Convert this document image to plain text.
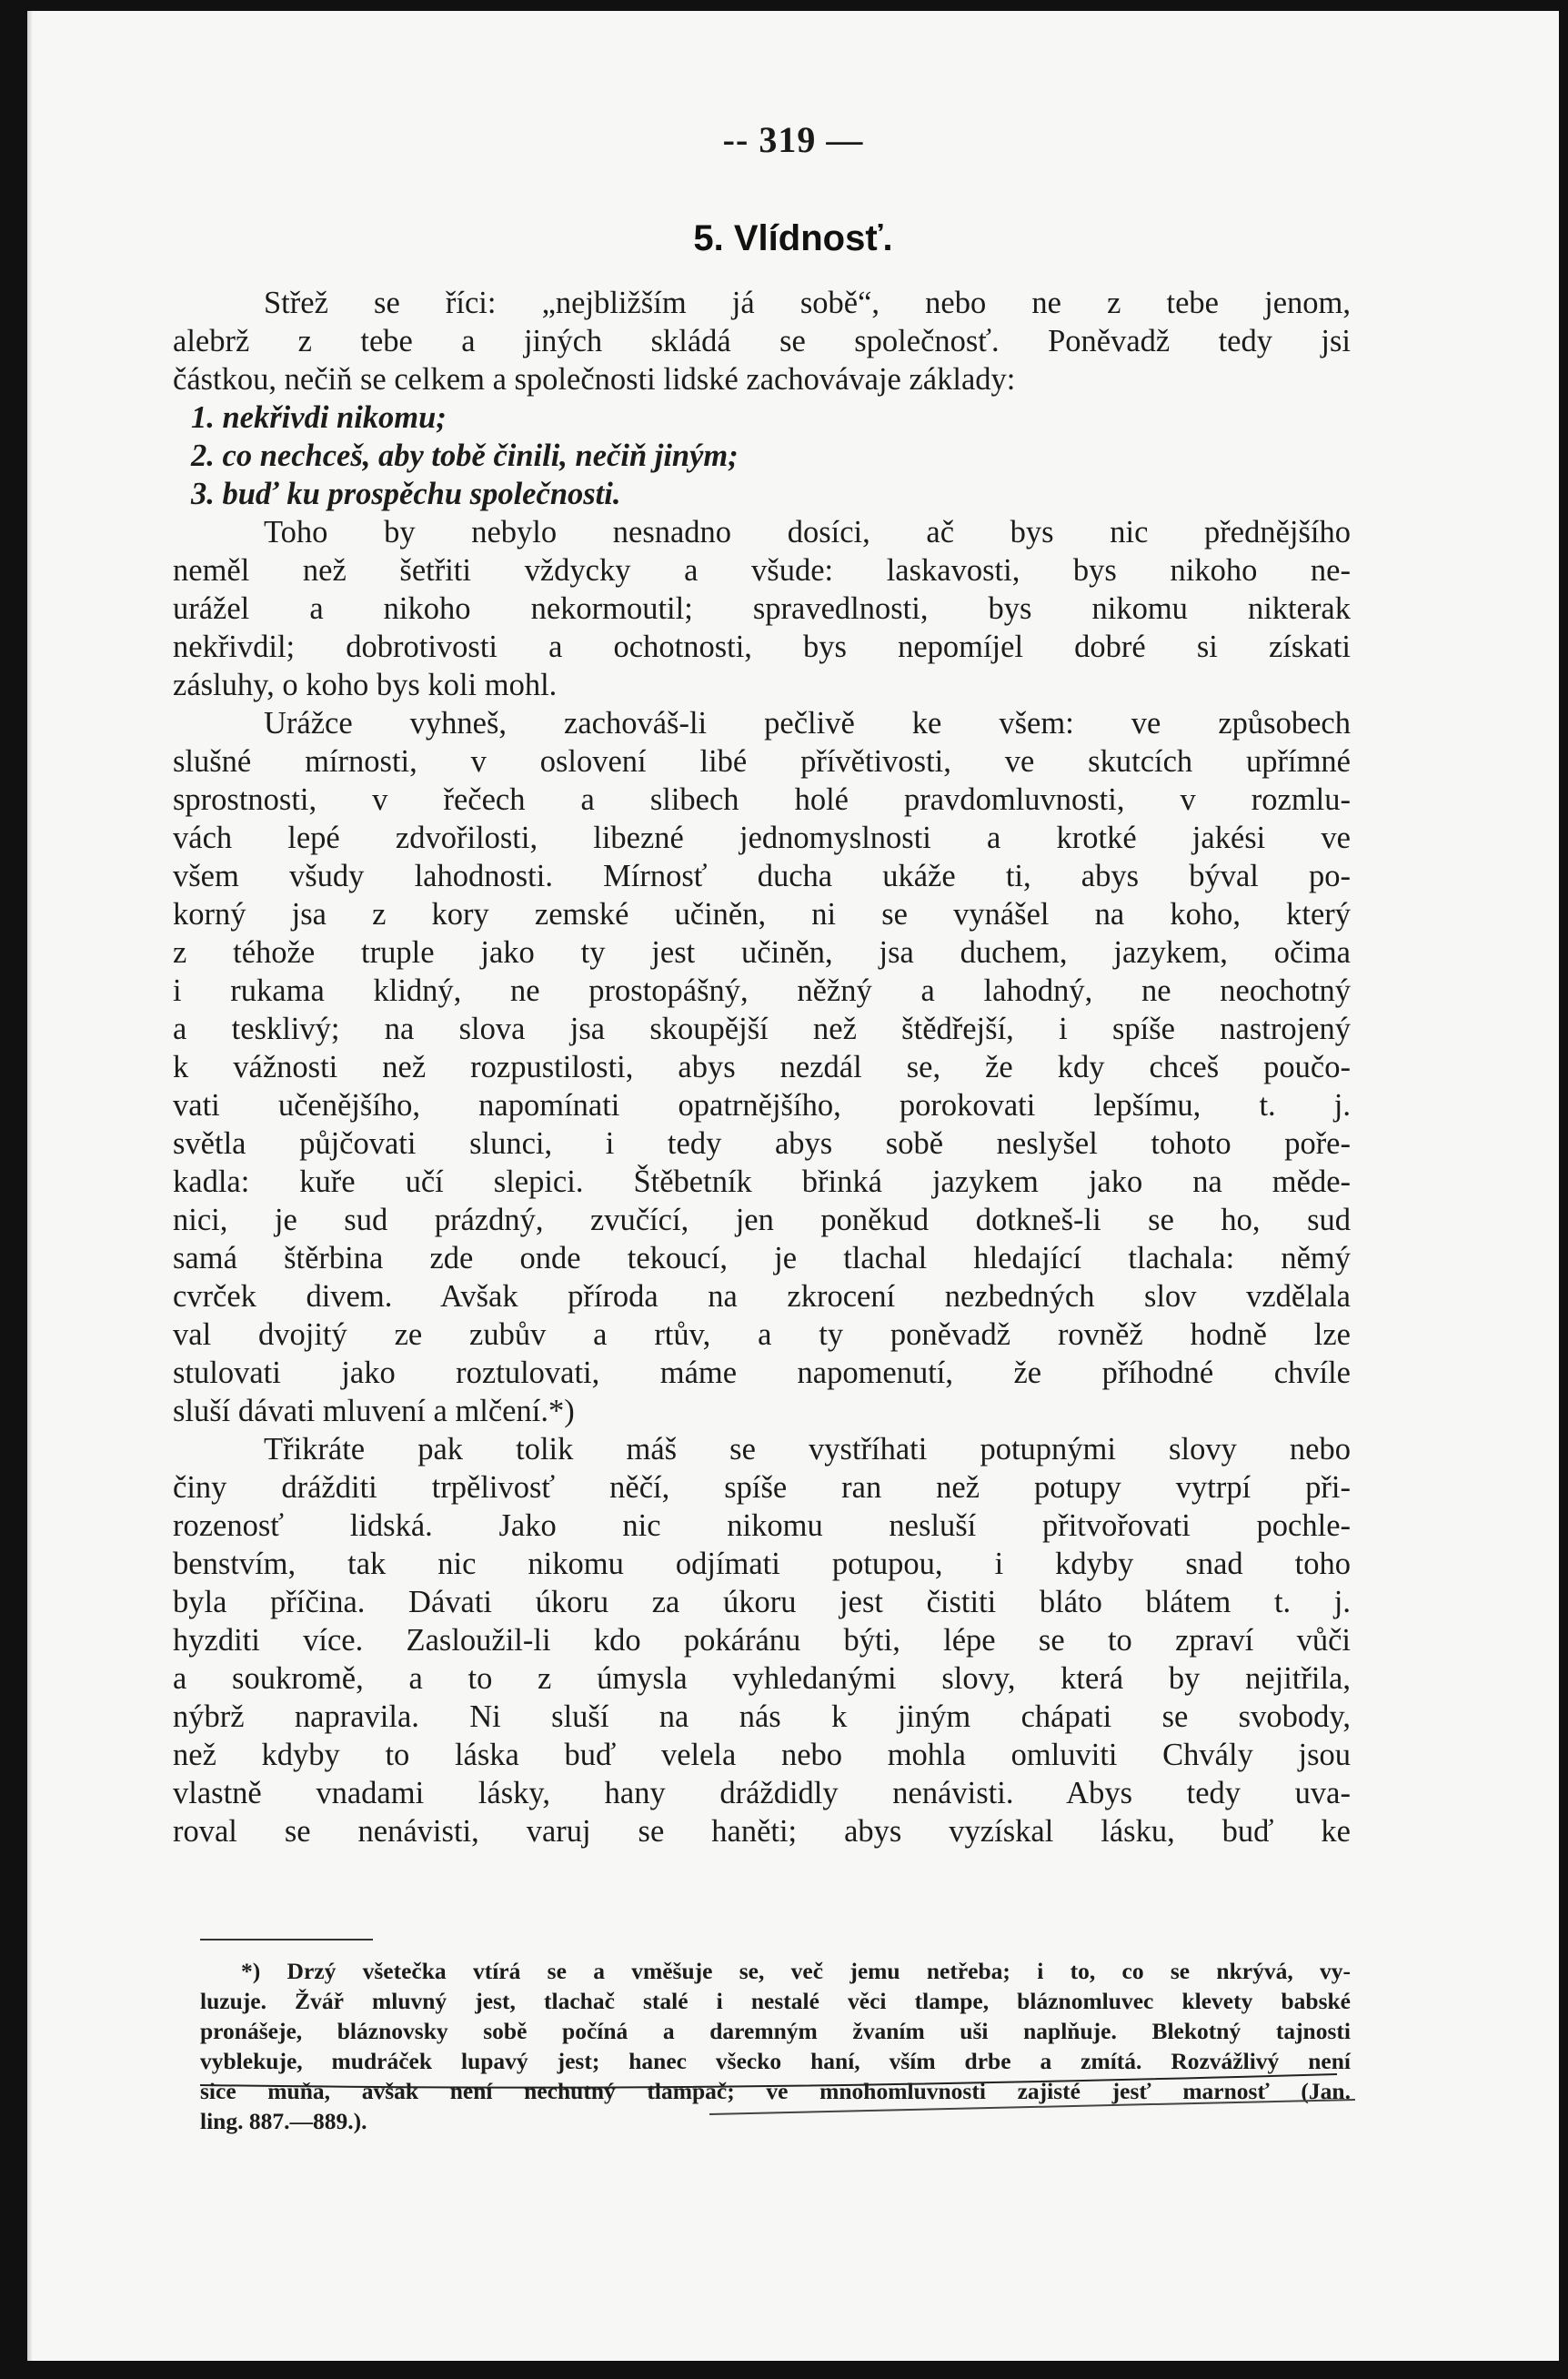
-- 319 —
5. Vlídnosť.
Střež se říci: „nejbližším já sobě“, nebo ne z tebe jenom,
alebrž z tebe a jiných skládá se společnosť. Poněvadž tedy jsi
částkou, nečiň se celkem a společnosti lidské zachovávaje základy:
1. nekřivdi nikomu;
2. co nechceš, aby tobě činili, nečiň jiným;
3. buď ku prospěchu společnosti.
Toho by nebylo nesnadno dosíci, ač bys nic přednějšího
neměl než šetřiti vždycky a všude: laskavosti, bys nikoho ne-
urážel a nikoho nekormoutil; spravedlnosti, bys nikomu nikterak
nekřivdil; dobrotivosti a ochotnosti, bys nepomíjel dobré si získati
zásluhy, o koho bys koli mohl.
Urážce vyhneš, zachováš-li pečlivě ke všem: ve způsobech
slušné mírnosti, v oslovení libé přívětivosti, ve skutcích upřímné
sprostnosti, v řečech a slibech holé pravdomluvnosti, v rozmlu-
vách lepé zdvořilosti, libezné jednomyslnosti a krotké jakési ve
všem všudy lahodnosti. Mírnosť ducha ukáže ti, abys býval po-
korný jsa z kory zemské učiněn, ni se vynášel na koho, který
z téhože truple jako ty jest učiněn, jsa duchem, jazykem, očima
i rukama klidný, ne prostopášný, něžný a lahodný, ne neochotný
a tesklivý; na slova jsa skoupější než štědřejší, i spíše nastrojený
k vážnosti než rozpustilosti, abys nezdál se, že kdy chceš poučo-
vati učenějšího, napomínati opatrnějšího, porokovati lepšímu, t. j.
světla půjčovati slunci, i tedy abys sobě neslyšel tohoto pořе-
kadla: kuře učí slepici. Štěbetník břinká jazykem jako na měde-
nici, je sud prázdný, zvučící, jen poněkud dotkneš-li se ho, sud
samá štěrbina zde onde tekoucí, je tlachal hledající tlachala: němý
cvrček divem. Avšak příroda na zkrocení nezbedných slov vzdělala
val dvojitý ze zubův a rtův, a ty poněvadž rovněž hodně lze
stulovati jako roztulovati, máme napomenutí, že příhodné chvíle
sluší dávati mluvení a mlčení.*)
Třikráte pak tolik máš se vystříhati potupnými slovy nebo
činy drážditi trpělivosť něčí, spíše ran než potupy vytrpí při-
rozenosť lidská. Jako nic nikomu nesluší přitvořovati pochle-
benstvím, tak nic nikomu odjímati potupou, i kdyby snad toho
byla příčina. Dávati úkoru za úkoru jest čistiti bláto blátem t. j.
hyzditi více. Zasloužil-li kdo pokáránu býti, lépe se to zpraví vůči
a soukromě, a to z úmysla vyhledanými slovy, která by nejitřila,
nýbrž napravila. Ni sluší na nás k jiným chápati se svobody,
než kdyby to láska buď velela nebo mohla omluviti Chvály jsou
vlastně vnadami lásky, hany dráždidly nenávisti. Abys tedy uva-
roval se nenávisti, varuj se haněti; abys vyzískal lásku, buď ke
*) Drzý všetečka vtírá se a vměšuje se, več jemu netřeba; i to, co se nkrývá, vy-
luzuje. Žvář mluvný jest, tlachač stalé i nestalé věci tlampe, bláznomluvec klevety babské
pronášeje, bláznovsky sobě počíná a daremným žvaním uši naplňuje. Blekotný tajnosti
vyblekuje, mudráček lupavý jest; hanec všecko haní, vším drbe a zmítá. Rozvážlivý není
sice muňa, avšak není nechutný tlampač; ve mnohomluvnosti zajisté jesť marnosť (Jan.
ling. 887.—889.).
